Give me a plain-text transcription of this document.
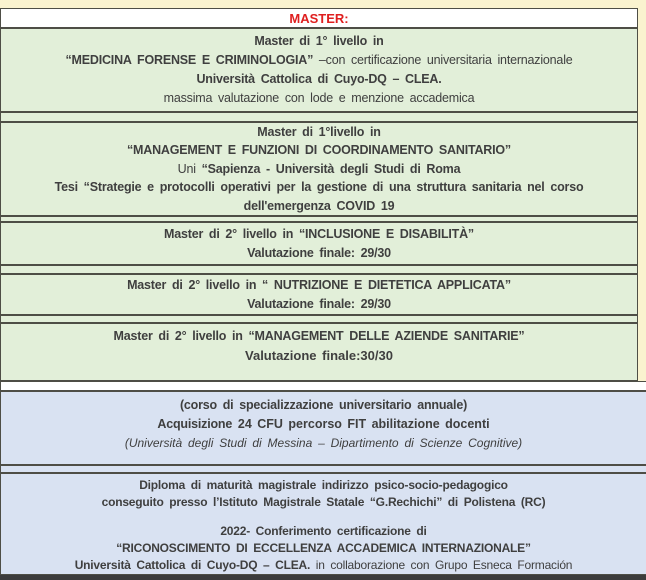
MASTER:
Master di 1° livello in
“MEDICINA FORENSE E CRIMINOLOGIA” –con certificazione universitaria internazionale
Università Cattolica di Cuyo-DQ – CLEA.
massima valutazione con lode e menzione accademica
Master di 1°livello in
“MANAGEMENT E FUNZIONI DI COORDINAMENTO SANITARIO”
Uni “Sapienza - Università degli Studi di Roma
Tesi “Strategie e protocolli operativi per la gestione di una struttura sanitaria nel corso dell'emergenza COVID 19
Master di 2° livello in “INCLUSIONE E DISABILITÀ”
Valutazione finale: 29/30
Master di 2° livello in “ NUTRIZIONE E DIETETICA APPLICATA”
Valutazione finale: 29/30
Master di 2° livello in “MANAGEMENT DELLE AZIENDE SANITARIE”
Valutazione finale:30/30
(corso di specializzazione universitario annuale)
Acquisizione 24 CFU percorso FIT abilitazione docenti
(Università degli Studi di Messina – Dipartimento di Scienze Cognitive)
Diploma di maturità magistrale indirizzo psico-socio-pedagogico
conseguito presso l’Istituto Magistrale Statale “G.Rechichi” di Polistena (RC)
2022- Conferimento certificazione di
“RICONOSCIMENTO DI ECCELLENZA ACCADEMICA INTERNAZIONALE”
Università Cattolica di Cuyo-DQ – CLEA. in collaborazione con Grupo Esneca Formación
